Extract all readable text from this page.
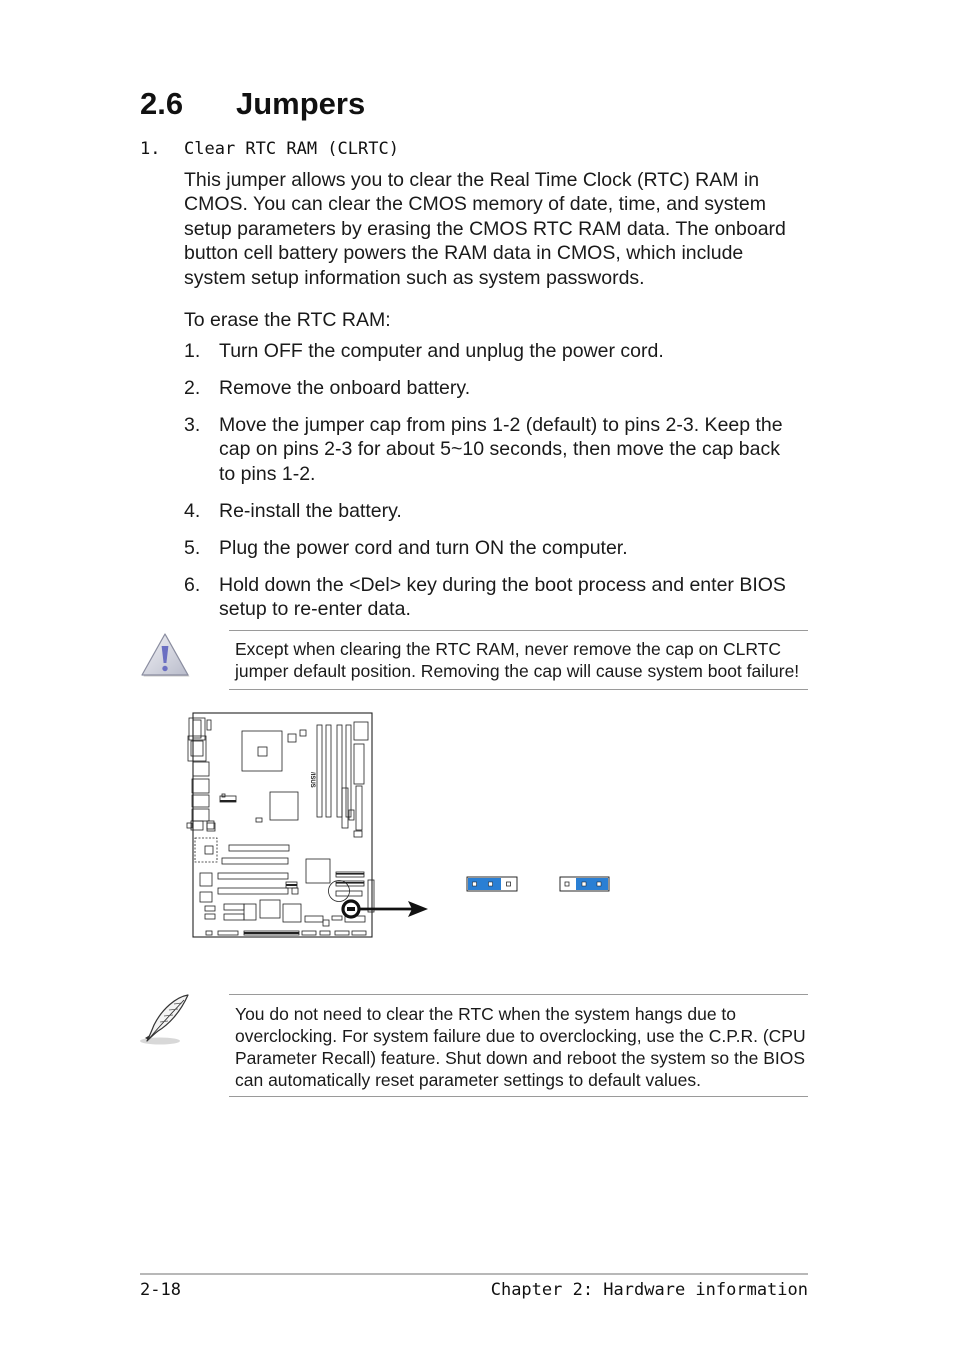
2.6 Jumpers
1. Clear RTC RAM (CLRTC)
This jumper allows you to clear the Real Time Clock (RTC) RAM in
CMOS. You can clear the CMOS memory of date, time, and system
setup parameters by erasing the CMOS RTC RAM data. The onboard
button cell battery powers the RAM data in CMOS, which include
system setup information such as system passwords.
To erase the RTC RAM:
1. Turn OFF the computer and unplug the power cord.
2. Remove the onboard battery.
3. Move the jumper cap from pins 1-2 (default) to pins 2-3. Keep the
cap on pins 2-3 for about 5~10 seconds, then move the cap back
to pins 1-2.
4. Re-install the battery.
5. Plug the power cord and turn ON the computer.
6. Hold down the <Del> key during the boot process and enter BIOS
setup to re-enter data.
Except when clearing the RTC RAM, never remove the cap on CLRTC
jumper default position. Removing the cap will cause system boot failure!
/ISUS
You do not need to clear the RTC when the system hangs due to
overclocking. For system failure due to overclocking, use the C.P.R. (CPU
Parameter Recall) feature. Shut down and reboot the system so the BIOS
can automatically reset parameter settings to default values.
2-18	Chapter 2: Hardware information
